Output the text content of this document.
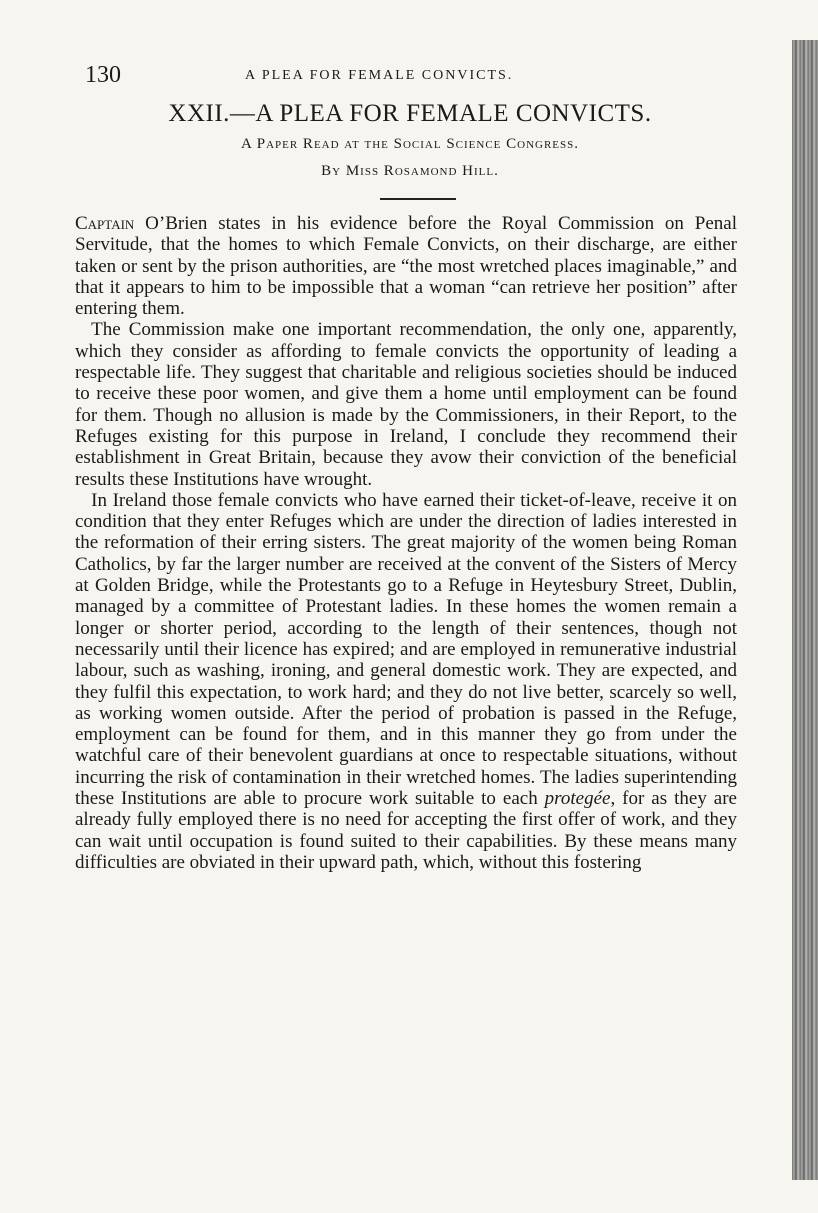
130	A PLEA FOR FEMALE CONVICTS.
XXII.—A PLEA FOR FEMALE CONVICTS.
A Paper Read at the Social Science Congress.
By Miss Rosamond Hill.

Captain O’Brien states in his evidence before the Royal Commission on Penal Servitude, that the homes to which Female Convicts, on their discharge, are either taken or sent by the prison authorities, are “the most wretched places imaginable,” and that it appears to him to be impossible that a woman “can retrieve her position” after entering them.

The Commission make one important recommendation, the only one, apparently, which they consider as affording to female convicts the opportunity of leading a respectable life. They suggest that charitable and religious societies should be induced to receive these poor women, and give them a home until employment can be found for them. Though no allusion is made by the Commissioners, in their Report, to the Refuges existing for this purpose in Ireland, I conclude they recommend their establishment in Great Britain, because they avow their conviction of the beneficial results these Institutions have wrought.

In Ireland those female convicts who have earned their ticket-of-leave, receive it on condition that they enter Refuges which are under the direction of ladies interested in the reformation of their erring sisters. The great majority of the women being Roman Catholics, by far the larger number are received at the convent of the Sisters of Mercy at Golden Bridge, while the Protestants go to a Refuge in Heytesbury Street, Dublin, managed by a committee of Protestant ladies. In these homes the women remain a longer or shorter period, according to the length of their sentences, though not necessarily until their licence has expired; and are employed in remunerative industrial labour, such as washing, ironing, and general domestic work. They are expected, and they fulfil this expectation, to work hard; and they do not live better, scarcely so well, as working women outside. After the period of probation is passed in the Refuge, employment can be found for them, and in this manner they go from under the watchful care of their benevolent guardians at once to respectable situations, without incurring the risk of contamination in their wretched homes. The ladies superintending these Institutions are able to procure work suitable to each protegée, for as they are already fully employed there is no need for accepting the first offer of work, and they can wait until occupation is found suited to their capabilities. By these means many difficulties are obviated in their upward path, which, without this fostering
